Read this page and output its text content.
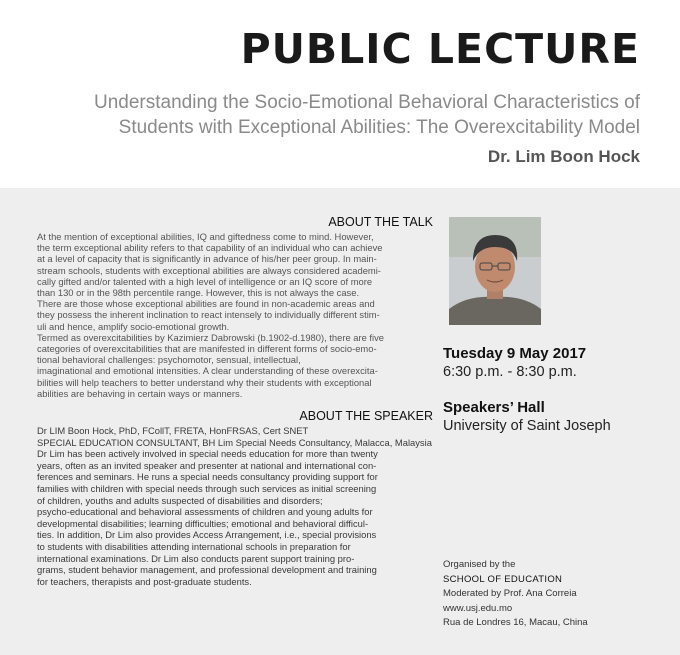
PUBLIC LECTURE
Understanding the Socio-Emotional Behavioral Characteristics of
Students with Exceptional Abilities: The Overexcitability Model
Dr. Lim Boon Hock
ABOUT THE TALK
At the mention of exceptional abilities, IQ and giftedness come to mind. However,
the term exceptional ability refers to that capability of an individual who can achieve
at a level of capacity that is significantly in advance of his/her peer group. In main-
stream schools, students with exceptional abilities are always considered academi-
cally gifted and/or talented with a high level of intelligence or an IQ score of more
than 130 or in the 98th percentile range. However, this is not always the case.
There are those whose exceptional abilities are found in non-academic areas and
they possess the inherent inclination to react intensely to individually different stim-
uli and hence, amplify socio-emotional growth.
Termed as overexcitabilities by Kazimierz Dabrowski (b.1902-d.1980), there are five
categories of overexcitabilities that are manifested in different forms of socio-emo-
tional behavioral challenges: psychomotor, sensual, intellectual,
imaginational and emotional intensities. A clear understanding of these overexcita-
bilities will help teachers to better understand why their students with exceptional
abilities are behaving in certain ways or manners.
ABOUT THE SPEAKER
Dr LIM Boon Hock, PhD, FCollT, FRETA, HonFRSAS, Cert SNET
SPECIAL EDUCATION CONSULTANT, BH Lim Special Needs Consultancy, Malacca, Malaysia
Dr Lim has been actively involved in special needs education for more than twenty
years, often as an invited speaker and presenter at national and international con-
ferences and seminars. He runs a special needs consultancy providing support for
families with children with special needs through such services as initial screening
of children, youths and adults suspected of disabilities and disorders;
psycho-educational and behavioral assessments of children and young adults for
developmental disabilities; learning difficulties; emotional and behavioral difficul-
ties. In addition, Dr Lim also provides Access Arrangement, i.e., special provisions
to students with disabilities attending international schools in preparation for
international examinations. Dr Lim also conducts parent support training pro-
grams, student behavior management, and professional development and training
for teachers, therapists and post-graduate students.
Tuesday 9 May 2017
6:30 p.m. - 8:30 p.m.
Speakers’ Hall
University of Saint Joseph
Organised by the
SCHOOL OF EDUCATION
Moderated by Prof. Ana Correia
www.usj.edu.mo
Rua de Londres 16, Macau, China
